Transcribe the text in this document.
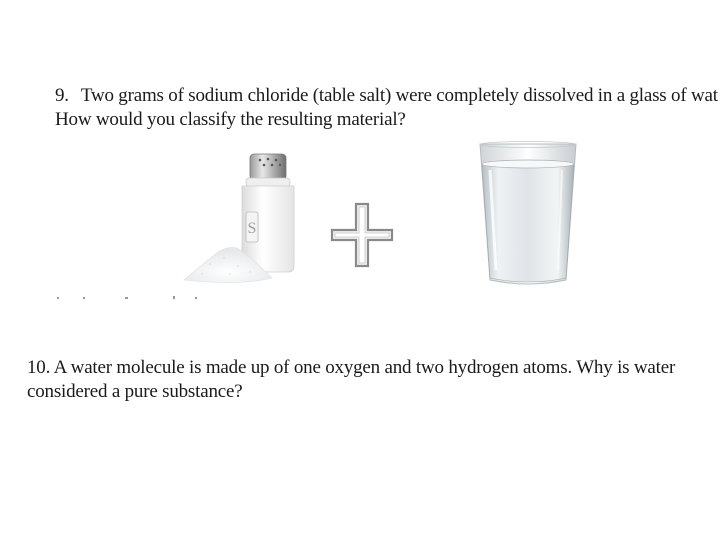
9. Two grams of sodium chloride (table salt) were completely dissolved in a glass of wat
How would you classify the resulting material?
S
10. A water molecule is made up of one oxygen and two hydrogen atoms. Why is water
considered a pure substance?
